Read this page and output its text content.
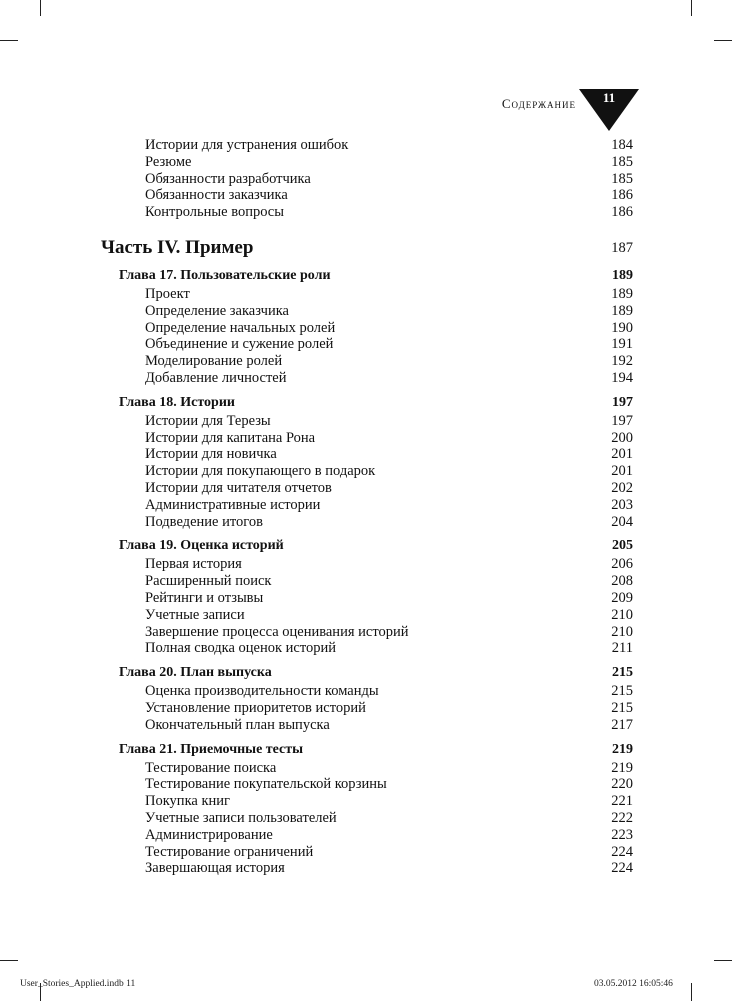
Содержание	11
Истории для устранения ошибок	184
Резюме	185
Обязанности разработчика	185
Обязанности заказчика	186
Контрольные вопросы	186
Часть IV. Пример	187
Глава 17. Пользовательские роли	189
Проект	189
Определение заказчика	189
Определение начальных ролей	190
Объединение и сужение ролей	191
Моделирование ролей	192
Добавление личностей	194
Глава 18. Истории	197
Истории для Терезы	197
Истории для капитана Рона	200
Истории для новичка	201
Истории для покупающего в подарок	201
Истории для читателя отчетов	202
Административные истории	203
Подведение итогов	204
Глава 19. Оценка историй	205
Первая история	206
Расширенный поиск	208
Рейтинги и отзывы	209
Учетные записи	210
Завершение процесса оценивания историй	210
Полная сводка оценок историй	211
Глава 20. План выпуска	215
Оценка производительности команды	215
Установление приоритетов историй	215
Окончательный план выпуска	217
Глава 21. Приемочные тесты	219
Тестирование поиска	219
Тестирование покупательской корзины	220
Покупка книг	221
Учетные записи пользователей	222
Администрирование	223
Тестирование ограничений	224
Завершающая история	224
User_Stories_Applied.indb 11	03.05.2012 16:05:46
